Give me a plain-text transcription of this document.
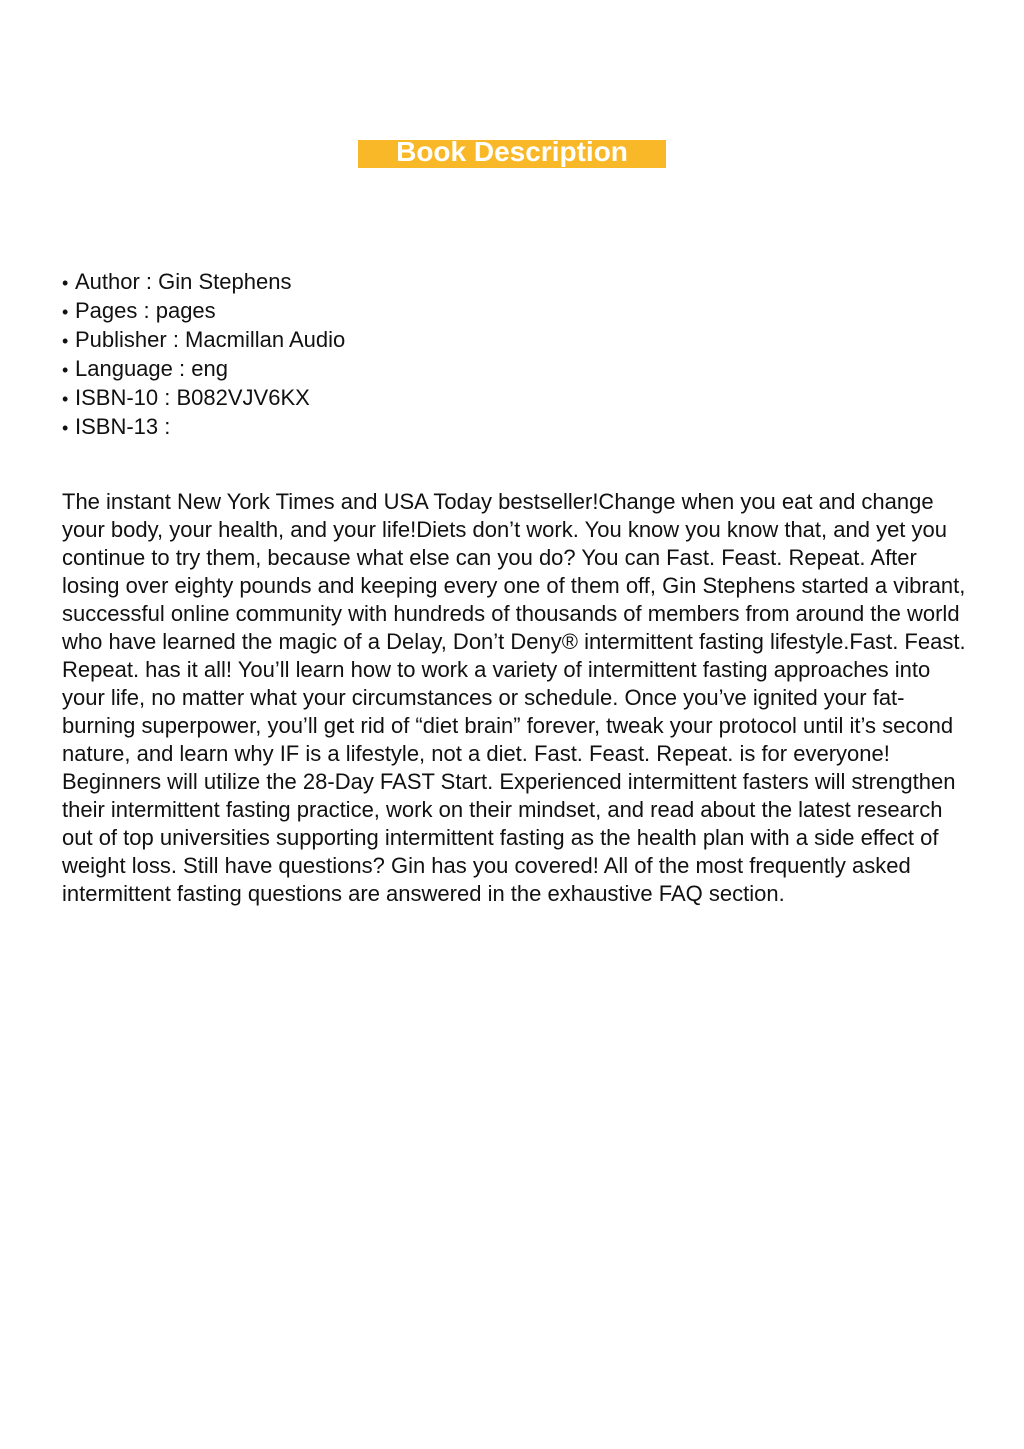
Book Description
• Author : Gin Stephens
• Pages : pages
• Publisher : Macmillan Audio
• Language : eng
• ISBN-10 : B082VJV6KX
• ISBN-13 :

The instant New York Times and USA Today bestseller!Change when you eat and change your body, your health, and your life!Diets don’t work. You know you know that, and yet you continue to try them, because what else can you do? You can Fast. Feast. Repeat. After losing over eighty pounds and keeping every one of them off, Gin Stephens started a vibrant, successful online community with hundreds of thousands of members from around the world who have learned the magic of a Delay, Don’t Deny® intermittent fasting lifestyle.Fast. Feast. Repeat. has it all! You’ll learn how to work a variety of intermittent fasting approaches into your life, no matter what your circumstances or schedule. Once you’ve ignited your fat-burning superpower, you’ll get rid of “diet brain” forever, tweak your protocol until it’s second nature, and learn why IF is a lifestyle, not a diet. Fast. Feast. Repeat. is for everyone! Beginners will utilize the 28-Day FAST Start. Experienced intermittent fasters will strengthen their intermittent fasting practice, work on their mindset, and read about the latest research out of top universities supporting intermittent fasting as the health plan with a side effect of weight loss. Still have questions? Gin has you covered! All of the most frequently asked intermittent fasting questions are answered in the exhaustive FAQ section.
